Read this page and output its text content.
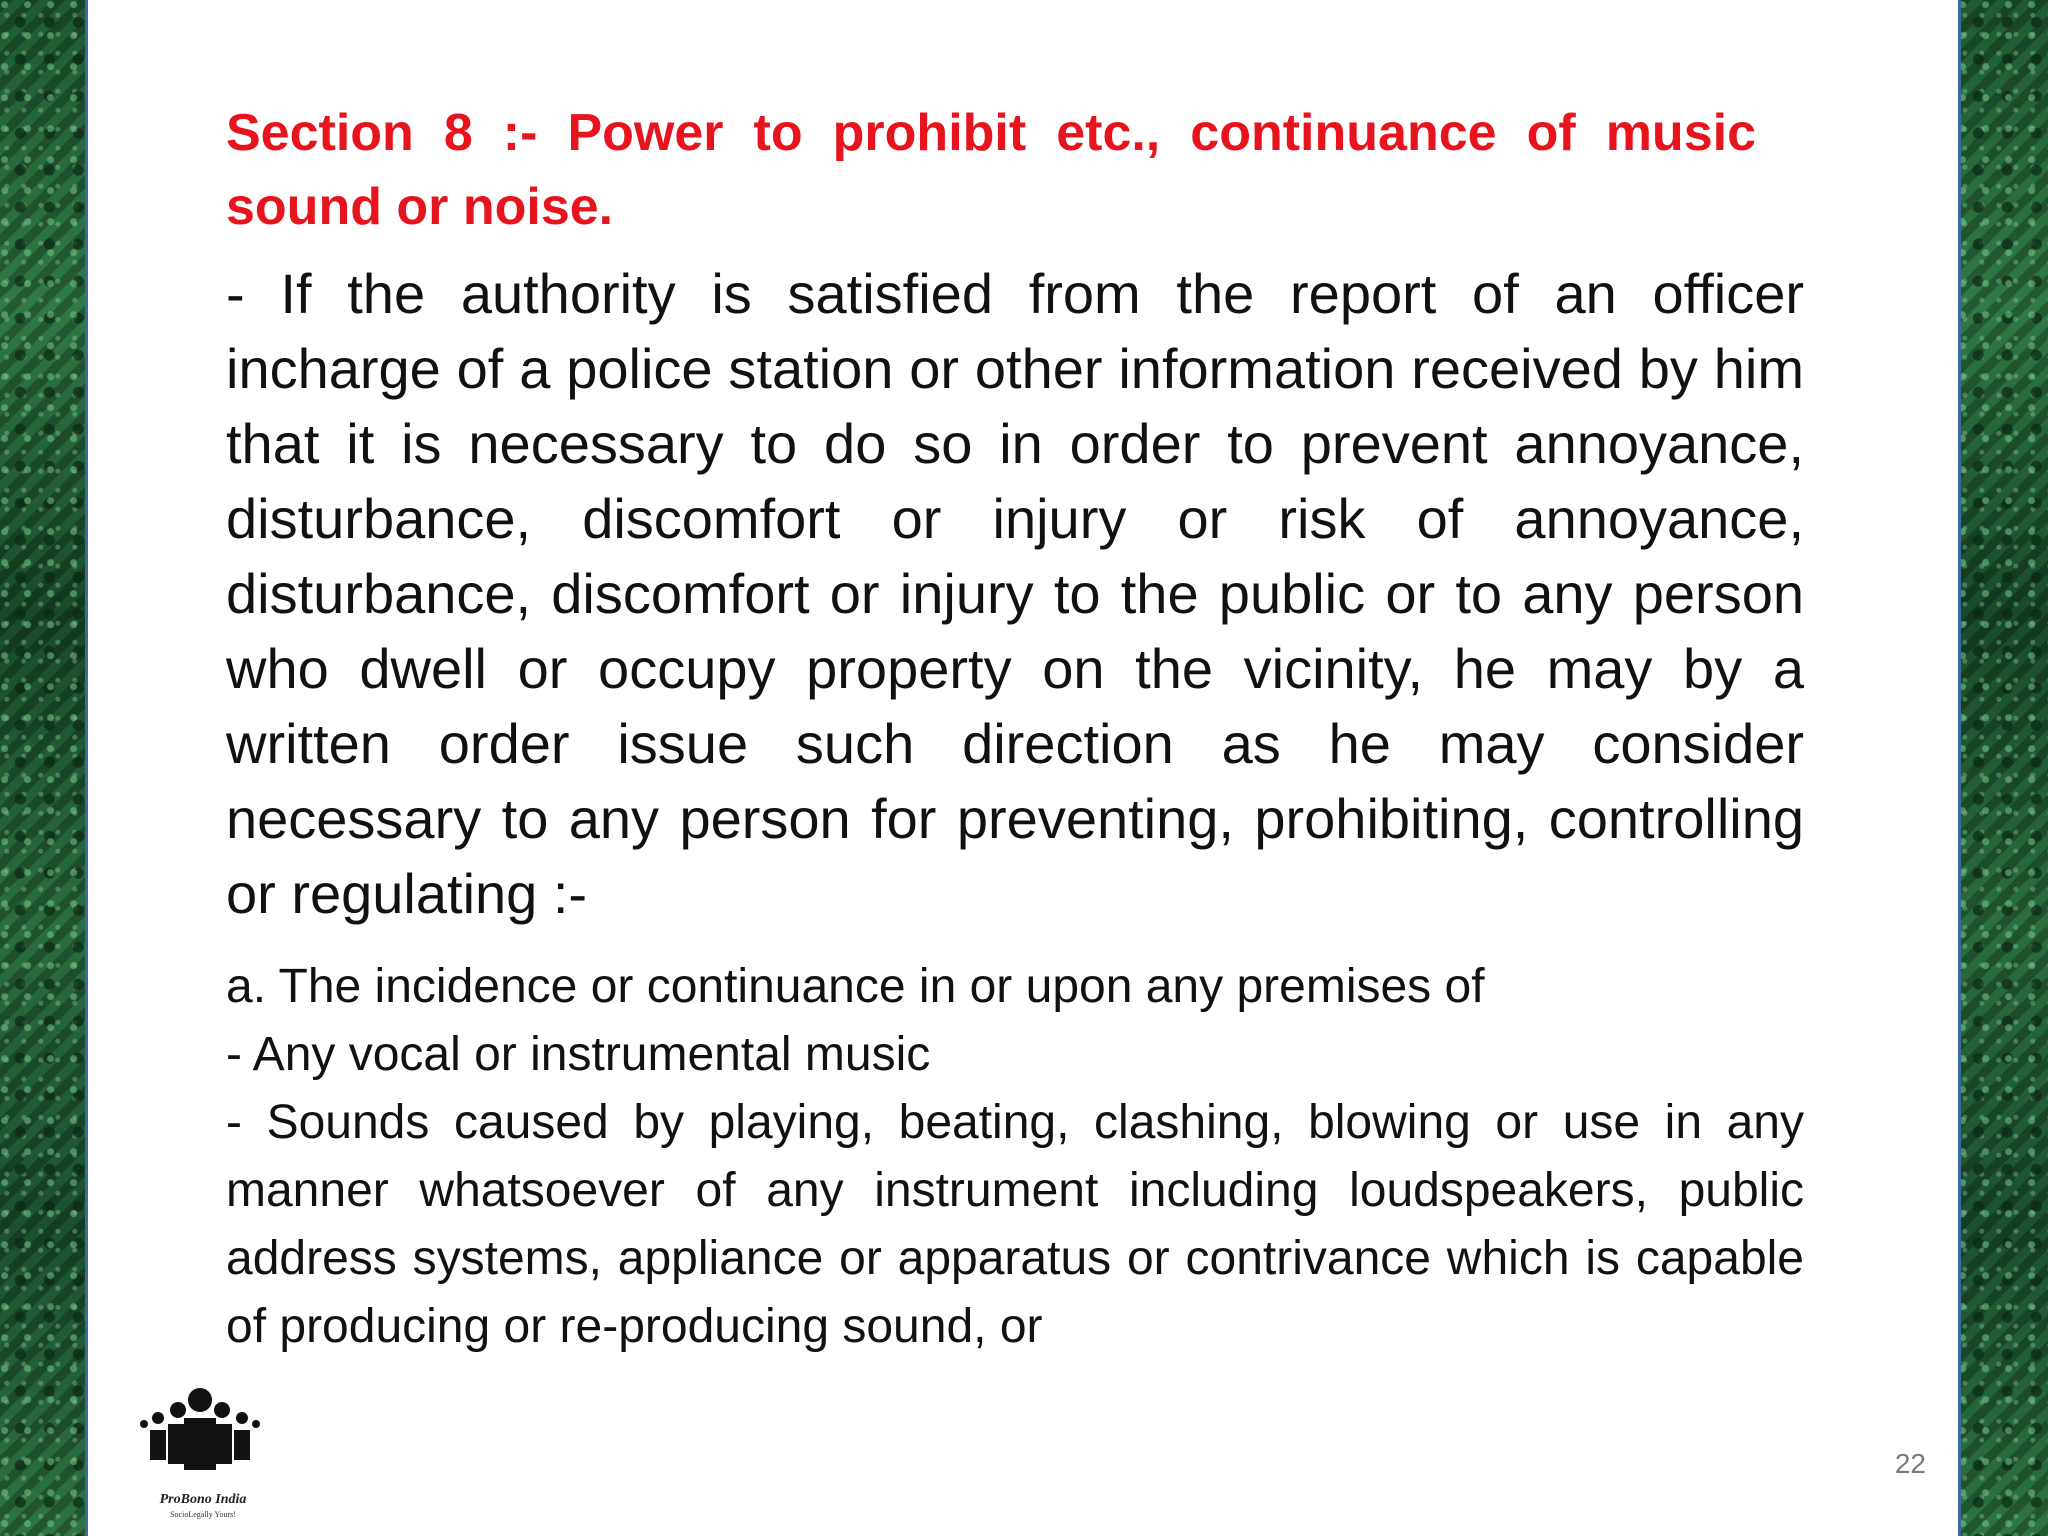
Section 8 :- Power to prohibit etc., continuance of music
sound or noise.

- If the authority is satisfied from the report of an officer incharge of a police station or other information received by him that it is necessary to do so in order to prevent annoyance, disturbance, discomfort or injury or risk of annoyance, disturbance, discomfort or injury to the public or to any person who dwell or occupy property on the vicinity, he may by a written order issue such direction as he may consider necessary to any person for preventing, prohibiting, controlling or regulating :-

a. The incidence or continuance in or upon any premises of

- Any vocal or instrumental music

- Sounds caused by playing, beating, clashing, blowing or use in any manner whatsoever of any instrument including loudspeakers, public address systems, appliance or apparatus or contrivance which is capable of producing or re-producing sound, or

ProBono India
SocioLegally Yours!
22
